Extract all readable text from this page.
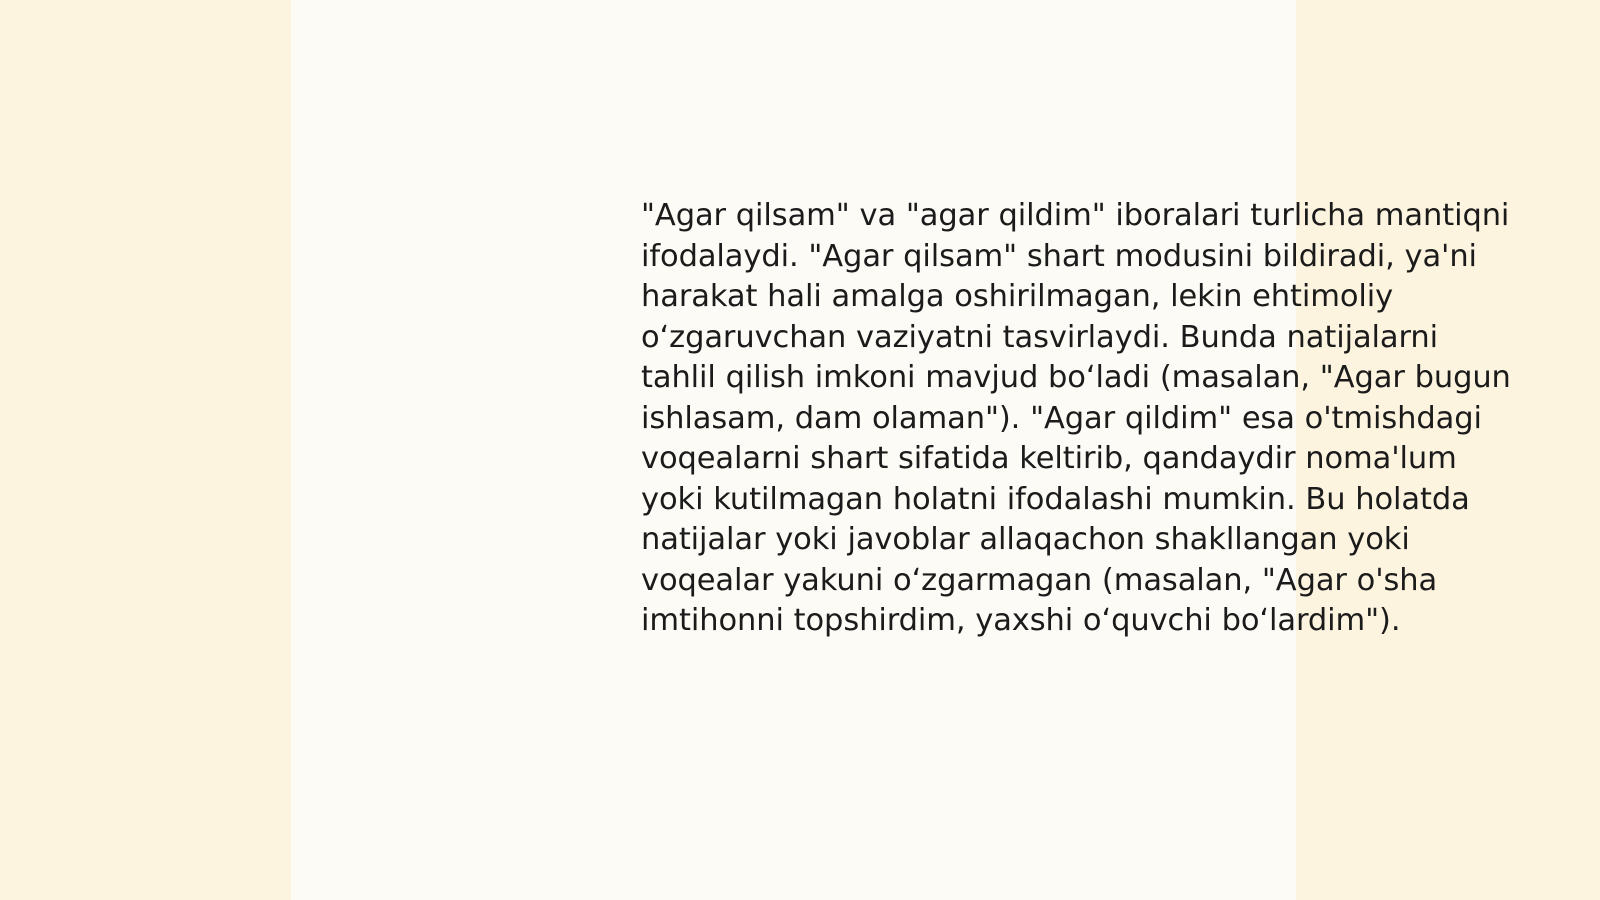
"Agar qilsam" va "agar qildim" iboralari turlicha mantiqni ifodalaydi. "Agar qilsam" shart modusini bildiradi, ya'ni harakat hali amalga oshirilmagan, lekin ehtimoliy o‘zgaruvchan vaziyatni tasvirlaydi. Bunda natijalarni tahlil qilish imkoni mavjud bo‘ladi (masalan, "Agar bugun ishlasam, dam olaman"). "Agar qildim" esa o'tmishdagi voqealarni shart sifatida keltirib, qandaydir noma'lum yoki kutilmagan holatni ifodalashi mumkin. Bu holatda natijalar yoki javoblar allaqachon shakllangan yoki voqealar yakuni o‘zgarmagan (masalan, "Agar o'sha imtihonni topshirdim, yaxshi o‘quvchi bo‘lardim").
